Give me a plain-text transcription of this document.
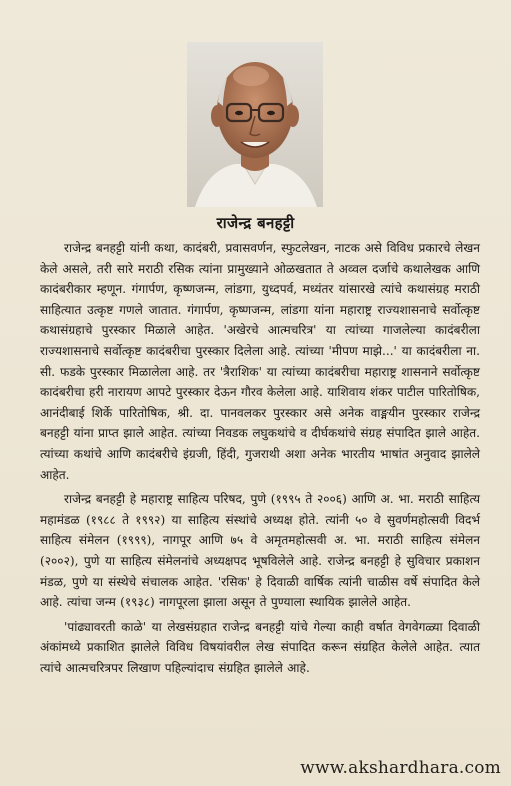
राजेन्द्र बनहट्टी

राजेन्द्र बनहट्टी यांनी कथा, कादंबरी, प्रवासवर्णन, स्फुटलेखन, नाटक असे विविध प्रकारचे लेखन केले असले, तरी सारे मराठी रसिक त्यांना प्रामुख्याने ओळखतात ते अव्वल दर्जाचे कथालेखक आणि कादंबरीकार म्हणून. गंगार्पण, कृष्णजन्म, लांडगा, युध्दपर्व, मध्यंतर यांसारखे त्यांचे कथासंग्रह मराठी साहित्यात उत्कृष्ट गणले जातात. गंगार्पण, कृष्णजन्म, लांडगा यांना महाराष्ट्र राज्यशासनाचे सर्वोत्कृष्ट कथासंग्रहाचे पुरस्कार मिळाले आहेत. 'अखेरचे आत्मचरित्र' या त्यांच्या गाजलेल्या कादंबरीला राज्यशासनाचे सर्वोत्कृष्ट कादंबरीचा पुरस्कार दिलेला आहे. त्यांच्या 'मीपण माझे...' या कादंबरीला ना. सी. फडके पुरस्कार मिळालेला आहे. तर 'त्रैराशिक' या त्यांच्या कादंबरीचा महाराष्ट्र शासनाने सर्वोत्कृष्ट कादंबरीचा हरी नारायण आपटे पुरस्कार देऊन गौरव केलेला आहे. याशिवाय शंकर पाटील पारितोषिक, आनंदीबाई शिर्के पारितोषिक, श्री. दा. पानवलकर पुरस्कार असे अनेक वाङ्मयीन पुरस्कार राजेन्द्र बनहट्टी यांना प्राप्त झाले आहेत. त्यांच्या निवडक लघुकथांचे व दीर्घकथांचे संग्रह संपादित झाले आहेत. त्यांच्या कथांचे आणि कादंबरीचे इंग्रजी, हिंदी, गुजराथी अशा अनेक भारतीय भाषांत अनुवाद झालेले आहेत.

राजेन्द्र बनहट्टी हे महाराष्ट्र साहित्य परिषद, पुणे (१९९५ ते २००६) आणि अ. भा. मराठी साहित्य महामंडळ (१९८८ ते १९९२) या साहित्य संस्थांचे अध्यक्ष होते. त्यांनी ५० वे सुवर्णमहोत्सवी विदर्भ साहित्य संमेलन (१९९९), नागपूर आणि ७५ वे अमृतमहोत्सवी अ. भा. मराठी साहित्य संमेलन (२००२), पुणे या साहित्य संमेलनांचे अध्यक्षपद भूषविलेले आहे. राजेन्द्र बनहट्टी हे सुविचार प्रकाशन मंडळ, पुणे या संस्थेचे संचालक आहेत. 'रसिक' हे दिवाळी वार्षिक त्यांनी चाळीस वर्षे संपादित केले आहे. त्यांचा जन्म (१९३८) नागपूरला झाला असून ते पुण्याला स्थायिक झालेले आहेत.

'पांढ्यावरती काळे' या लेखसंग्रहात राजेन्द्र बनहट्टी यांचे गेल्या काही वर्षात वेगवेगळ्या दिवाळी अंकांमध्ये प्रकाशित झालेले विविध विषयांवरील लेख संपादित करून संग्रहित केलेले आहेत. त्यात त्यांचे आत्मचरित्रपर लिखाण पहिल्यांदाच संग्रहित झालेले आहे.

www.akshardhara.com
